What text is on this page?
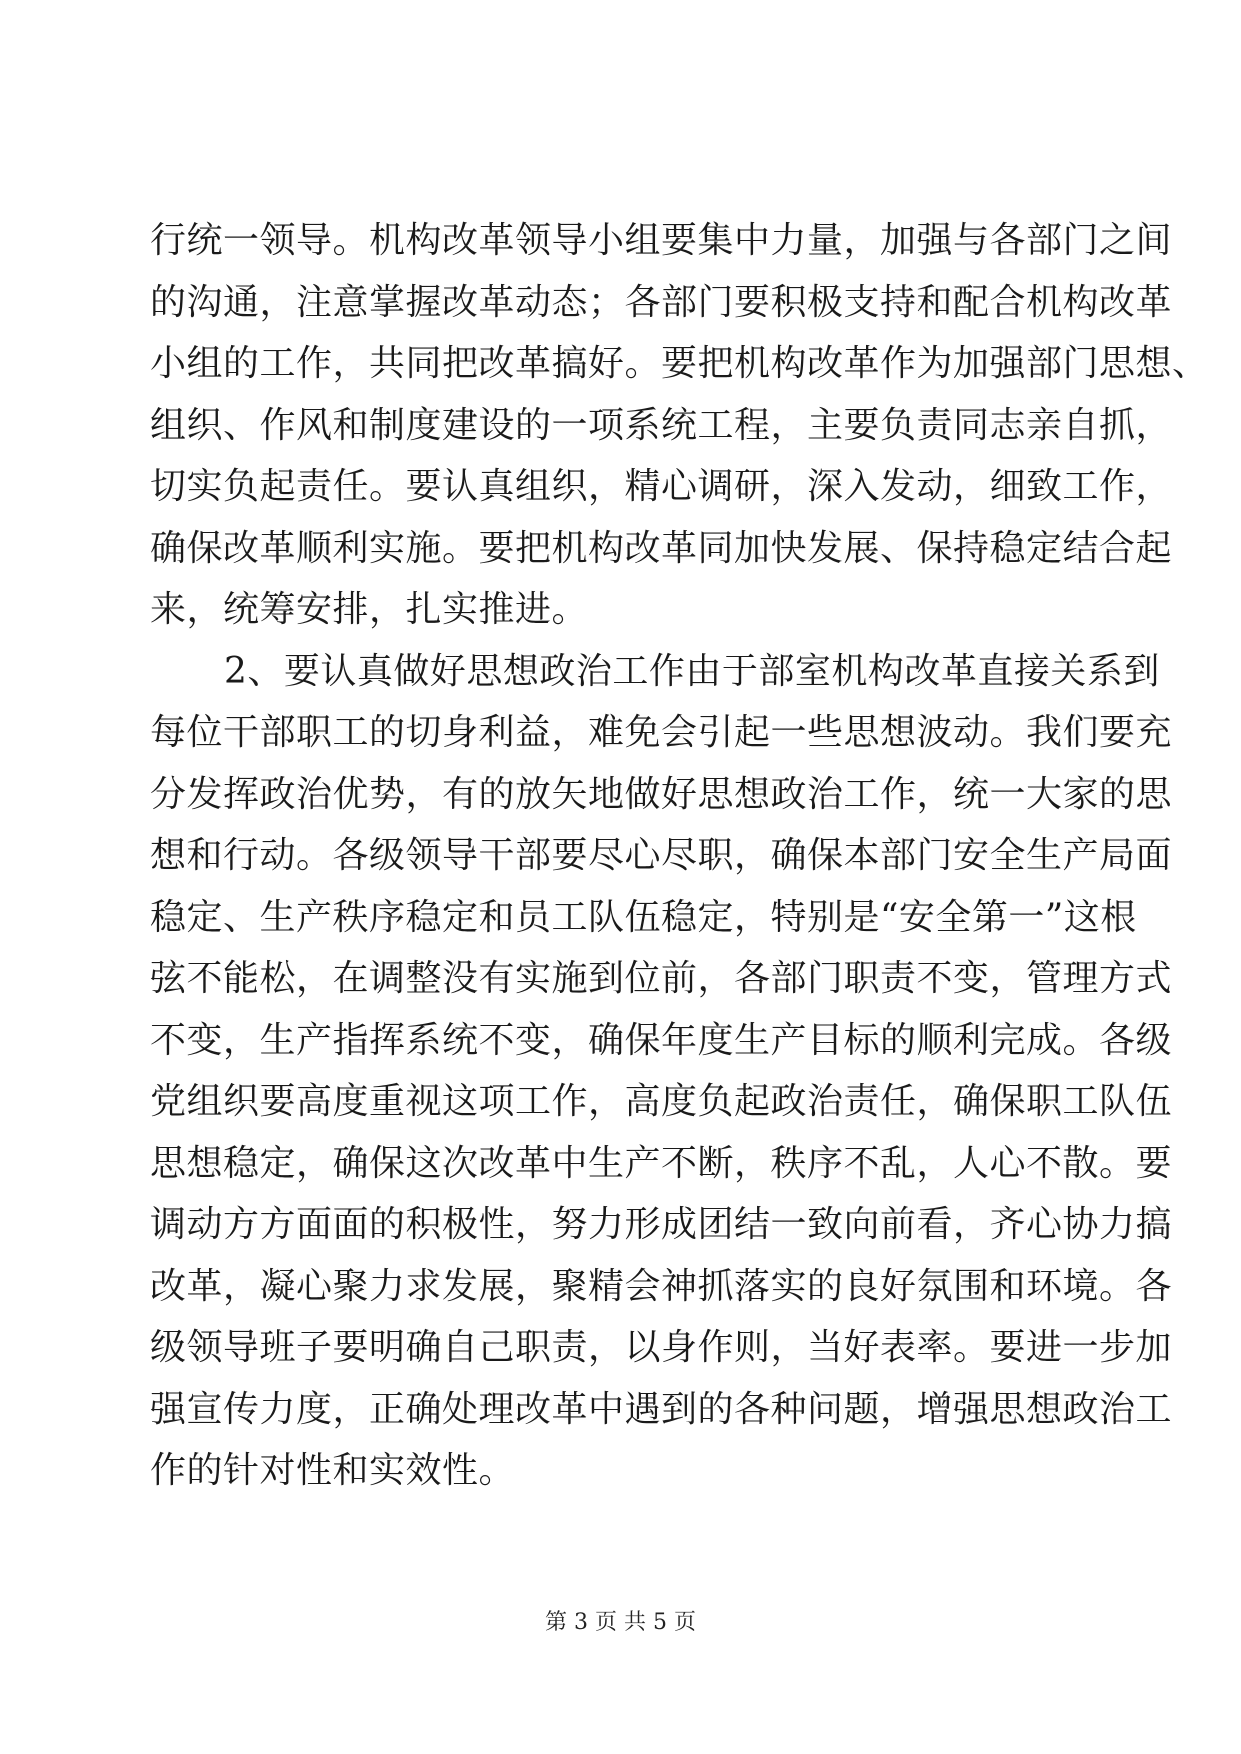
行统一领导。机构改革领导小组要集中力量，加强与各部门之间
的沟通，注意掌握改革动态；各部门要积极支持和配合机构改革
小组的工作，共同把改革搞好。要把机构改革作为加强部门思想、
组织、作风和制度建设的一项系统工程，主要负责同志亲自抓，
切实负起责任。要认真组织，精心调研，深入发动，细致工作，
确保改革顺利实施。要把机构改革同加快发展、保持稳定结合起
来，统筹安排，扎实推进。
2、要认真做好思想政治工作由于部室机构改革直接关系到
每位干部职工的切身利益，难免会引起一些思想波动。我们要充
分发挥政治优势，有的放矢地做好思想政治工作，统一大家的思
想和行动。各级领导干部要尽心尽职，确保本部门安全生产局面
稳定、生产秩序稳定和员工队伍稳定，特别是“安全第一”这根
弦不能松，在调整没有实施到位前，各部门职责不变，管理方式
不变，生产指挥系统不变，确保年度生产目标的顺利完成。各级
党组织要高度重视这项工作，高度负起政治责任，确保职工队伍
思想稳定，确保这次改革中生产不断，秩序不乱，人心不散。要
调动方方面面的积极性，努力形成团结一致向前看，齐心协力搞
改革，凝心聚力求发展，聚精会神抓落实的良好氛围和环境。各
级领导班子要明确自己职责，以身作则，当好表率。要进一步加
强宣传力度，正确处理改革中遇到的各种问题，增强思想政治工
作的针对性和实效性。
第 3 页 共 5 页
